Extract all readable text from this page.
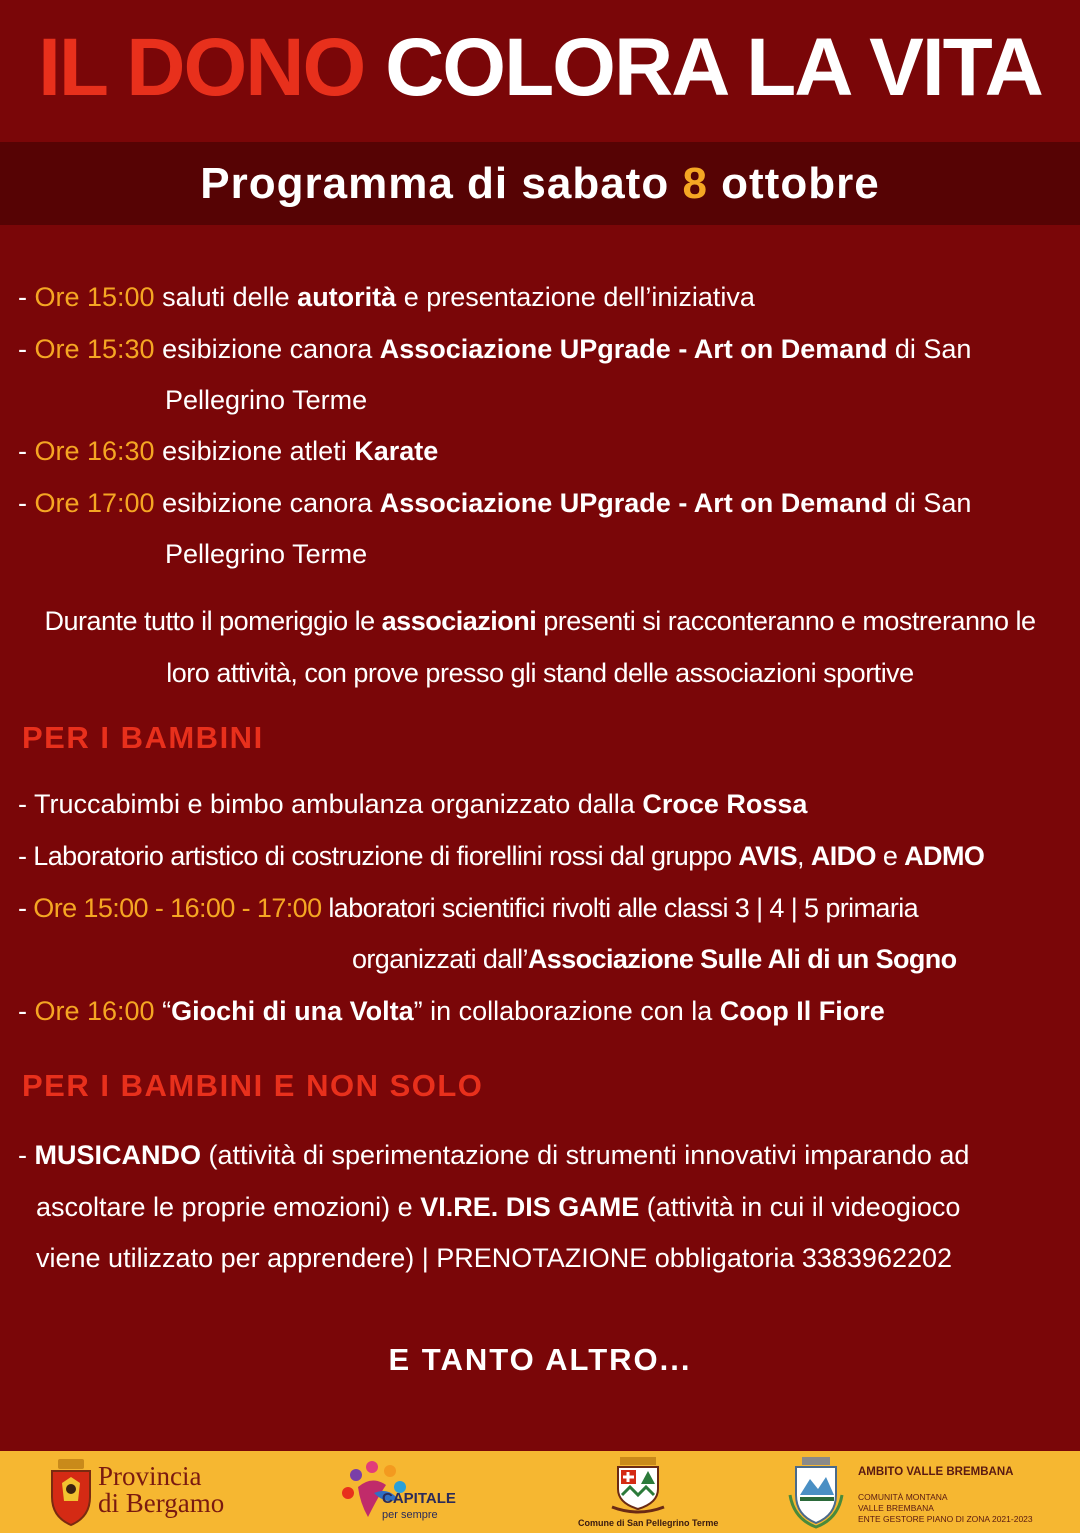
IL DONO COLORA LA VITA
Programma di sabato 8 ottobre
- Ore 15:00 saluti delle autorità e presentazione dell’iniziativa
- Ore 15:30 esibizione canora Associazione UPgrade - Art on Demand di San
Pellegrino Terme
- Ore 16:30 esibizione atleti Karate
- Ore 17:00 esibizione canora Associazione UPgrade - Art on Demand di San
Pellegrino Terme
Durante tutto il pomeriggio le associazioni presenti si racconteranno e mostreranno le
loro attività, con prove presso gli stand delle associazioni sportive
PER I BAMBINI
- Truccabimbi e bimbo ambulanza organizzato dalla Croce Rossa
- Laboratorio artistico di costruzione di fiorellini rossi dal gruppo AVIS, AIDO e ADMO
- Ore 15:00 - 16:00 - 17:00 laboratori scientifici rivolti alle classi 3 | 4 | 5 primaria
organizzati dall’Associazione Sulle Ali di un Sogno
- Ore 16:00 “Giochi di una Volta” in collaborazione con la Coop Il Fiore
PER I BAMBINI E NON SOLO
- MUSICANDO (attività di sperimentazione di strumenti innovativi imparando ad
ascoltare le proprie emozioni) e VI.RE. DIS GAME (attività in cui il videogioco
viene utilizzato per apprendere) | PRENOTAZIONE obbligatoria 3383962202
E TANTO ALTRO...
Provincia
di Bergamo	CAPITALE
per sempre
Comune di San Pellegrino Terme
AMBITO VALLE BREMBANA
COMUNITÀ MONTANA
VALLE BREMBANA
ENTE GESTORE PIANO DI ZONA 2021-2023
